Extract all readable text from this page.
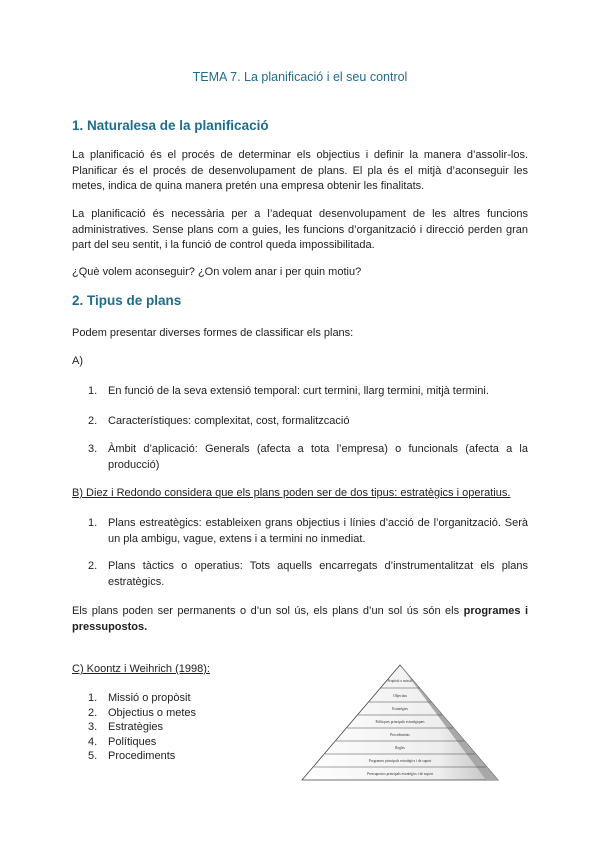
TEMA 7. La planificació i el seu control
1. Naturalesa de la planificació
La planificació és el procés de determinar els objectius i definir la manera d’assolir-los. Planificar és el procés de desenvolupament de plans. El pla és el mitjà d’aconseguir les metes, indica de quina manera pretén una empresa obtenir les finalitats.
La planificació és necessària per a l’adequat desenvolupament de les altres funcions administratives. Sense plans com a guies, les funcions d’organització i direcció perden gran part del seu sentit, i la funció de control queda impossibilitada.
¿Què volem aconseguir? ¿On volem anar i per quin motiu?
2. Tipus de plans
Podem presentar diverses formes de classificar els plans:
A)
1. En funció de la seva extensió temporal: curt termini, llarg termini, mitjà termini.
2. Característiques: complexitat, cost, formalitzcació
3. Àmbit d’aplicació: Generals (afecta a tota l’empresa) o funcionals (afecta a la producció)
B) Diez i Redondo considera que els plans poden ser de dos tipus: estratègics i operatius.
1. Plans estreatègics: estableixen grans objectius i línies d’acció de l’organització. Serà un pla ambigu, vague, extens i a termini no inmediat.
2. Plans tàctics o operatius: Tots aquells encarregats d’instrumentalitzat els plans estratègics.
Els plans poden ser permanents o d’un sol ús, els plans d’un sol ús són els programes i pressupostos.
C) Koontz i Weihrich (1998):
1. Missió o propòsit
2. Objectius o metes
3. Estratègies
4. Polítiques
5. Procediments
Propòsit o missió
Objectius
Estratègies
Polítiques principals estratègiques
Procediments
Regles
Programes principals estratègics i de suport
Pressupostos principals estratègics i de suport
